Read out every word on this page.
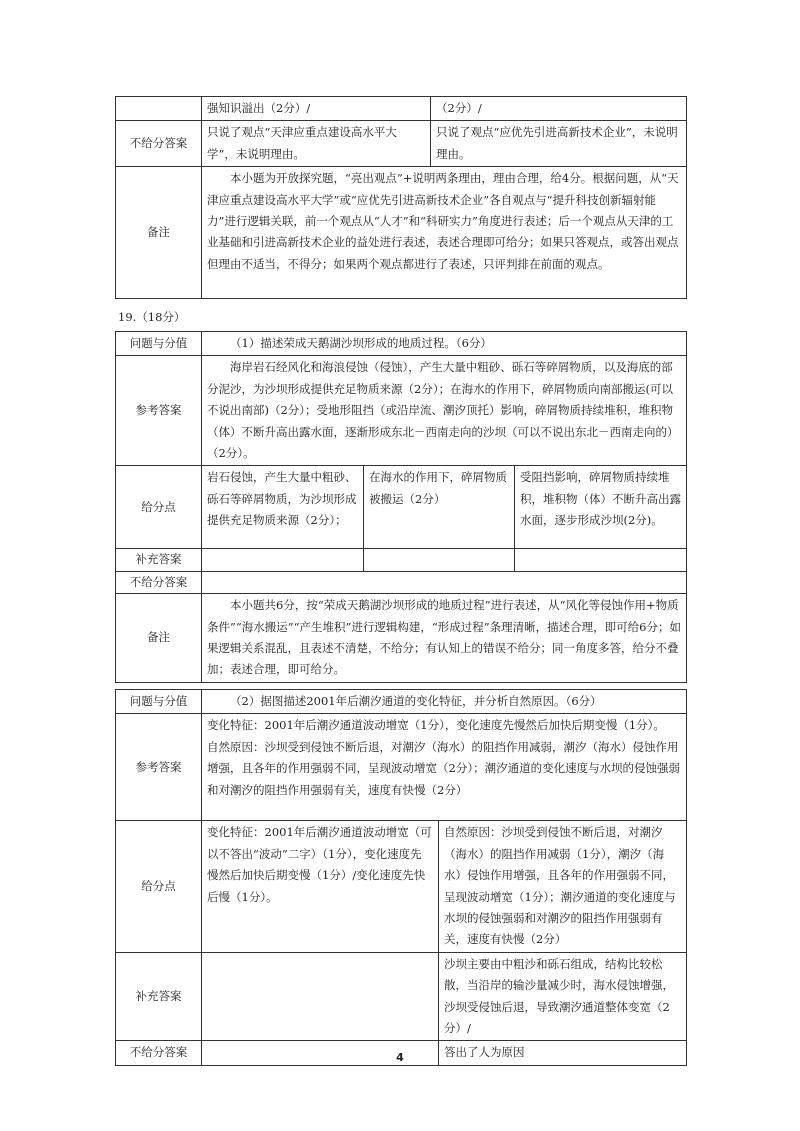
	强知识溢出（2分）/	（2分）/
不给分答案	只说了观点“天津应重点建设高水平大学”，未说明理由。	只说了观点“应优先引进高新技术企业”，未说明理由。
备注	本小题为开放探究题，“亮出观点”+说明两条理由，理由合理，给4分。根据问题，从“天津应重点建设高水平大学”或“应优先引进高新技术企业”各自观点与“提升科技创新辐射能力”进行逻辑关联，前一个观点从“人才”和“科研实力”角度进行表述；后一个观点从天津的工业基础和引进高新技术企业的益处进行表述，表述合理即可给分；如果只答观点，或答出观点但理由不适当，不得分；如果两个观点都进行了表述，只评判排在前面的观点。	
19.（18分）
问题与分值	（1）描述荣成天鹅湖沙坝形成的地质过程。（6分）		
参考答案	海岸岩石经风化和海浪侵蚀（侵蚀），产生大量中粗砂、砾石等碎屑物质，以及海底的部分泥沙，为沙坝形成提供充足物质来源（2分）；在海水的作用下，碎屑物质向南部搬运(可以不说出南部)（2分）；受地形阻挡（或沿岸流、潮汐顶托）影响，碎屑物质持续堆积，堆积物（体）不断升高出露水面，逐渐形成东北－西南走向的沙坝（可以不说出东北－西南走向的）（2分）。		
给分点	岩石侵蚀，产生大量中粗砂、砾石等碎屑物质，为沙坝形成提供充足物质来源（2分）；	在海水的作用下，碎屑物质被搬运（2分）	受阻挡影响，碎屑物质持续堆积，堆积物（体）不断升高出露水面，逐步形成沙坝(2分)。
补充答案			
不给分答案			
备注	本小题共6分，按“荣成天鹅湖沙坝形成的地质过程”进行表述，从“风化等侵蚀作用+物质条件”“海水搬运”“产生堆积”进行逻辑构建，“形成过程”条理清晰，描述合理，即可给6分；如果逻辑关系混乱，且表述不清楚，不给分；有认知上的错误不给分；同一角度多答，给分不叠加；表述合理，即可给分。		
问题与分值	（2）据图描述2001年后潮汐通道的变化特征，并分析自然原因。（6分）	
参考答案	变化特征：2001年后潮汐通道波动增宽（1分），变化速度先慢然后加快后期变慢（1分）。
自然原因：沙坝受到侵蚀不断后退，对潮汐（海水）的阻挡作用减弱，潮汐（海水）侵蚀作用增强，且各年的作用强弱不同，呈现波动增宽（2分）；潮汐通道的变化速度与水坝的侵蚀强弱和对潮汐的阻挡作用强弱有关，速度有快慢（2分）	

给分点	变化特征：2001年后潮汐通道波动增宽（可以不答出“波动”二字）（1分），变化速度先慢然后加快后期变慢（1分）/变化速度先快后慢（1分）。	自然原因：沙坝受到侵蚀不断后退，对潮汐（海水）的阻挡作用减弱（1分），潮汐（海水）侵蚀作用增强，且各年的作用强弱不同，呈现波动增宽（1分）；潮汐通道的变化速度与水坝的侵蚀强弱和对潮汐的阻挡作用强弱有关，速度有快慢（2分）
补充答案		沙坝主要由中粗沙和砾石组成，结构比较松散，当沿岸的输沙量减少时，海水侵蚀增强，沙坝受侵蚀后退，导致潮汐通道整体变宽（2分）/
不给分答案		答出了人为原因
4
